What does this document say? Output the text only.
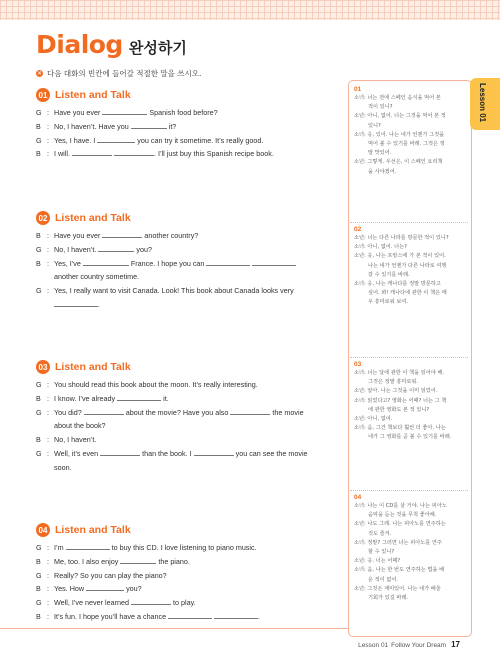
Dialog 완성하기
✕ 다음 대화의 빈칸에 들어갈 적절한 말을 쓰시오.
01 Listen and Talk
G :Have you ever	Spanish food before?
B :No, I haven’t. Have you	it?
G :Yes, I have. I	you can try it sometime. It’s really good.
B :I will.	. I’ll just buy this Spanish recipe book.
02 Listen and Talk
B :Have you ever	another country?
G :No, I haven’t.	you?
B :Yes, I’ve	France. I hope you can
another country sometime.
G :Yes, I really want to visit Canada. Look! This book about Canada looks very
.
03 Listen and Talk
G :You should read this book about the moon. It’s really interesting.
B :I know. I’ve already	it.
G :You did?	about the movie? Have you also	the movie
about the book?
B :No, I haven’t.
G :Well, it’s even	than the book. I	you can see the movie
soon.
04 Listen and Talk
G :I’m	to buy this CD. I love listening to piano music.
B :Me, too. I also enjoy	the piano.
G :Really? So you can play the piano?
B :Yes. How	you?
G :Well, I’ve never learned	to play.
B :It’s fun. I hope you’ll have a chance	.
01
소녀: 너는 전에 스페인 음식을 먹어 본
적이 있니?
소년: 아니, 없어. 너는 그것을 먹어 본 적
있니?
소녀: 응, 있어. 나는 네가 언젠가 그것을
먹어 볼 수 있기를 바래. 그것은 정
말 맛있어.
소년: 그렇게. 우선은, 이 스페인 요리책
을 사야겠어.
02
소년: 너는 다른 나라를 방문한 적이 있니?
소녀: 아니, 없어. 너는?
소년: 응, 나는 프랑스에 가 본 적이 있어.
나는 네가 언젠가 다른 나라로 여행
갈 수 있기를 바래.
소녀: 응, 나는 캐나다를 정말 방문하고
싶어. 봐! 캐나다에 관한 이 책은 매
우 흥미로워 보여.
03
소녀: 너는 달에 관한 이 책을 읽어야 해.
그것은 정말 흥미로워.
소년: 알아. 나는 그것을 이미 읽었어.
소녀: 읽었다고? 영화는 어때? 너는 그 책
에 관한 영화도 본 적 있니?
소년: 아니, 없어.
소녀: 음, 그건 책보다 훨씬 더 좋아. 나는
네가 그 영화를 곧 볼 수 있기를 바래.
04
소녀: 나는 이 CD를 살 거야. 나는 피아노
음악을 듣는 것을 무척 좋아해.
소년: 나도 그래. 나는 피아노를 연주하는
것도 즐겨.
소녀: 정말? 그러면 너는 피아노를 연주
할 수 있니?
소년: 응. 너는 어때?
소녀: 음, 나는 한 번도 연주하는 법을 배
운 적이 없어.
소년: 그것은 재미있어. 나는 네가 배울
기회가 있길 바래.
Lesson 01
Lesson 01 Follow Your Dream 17
